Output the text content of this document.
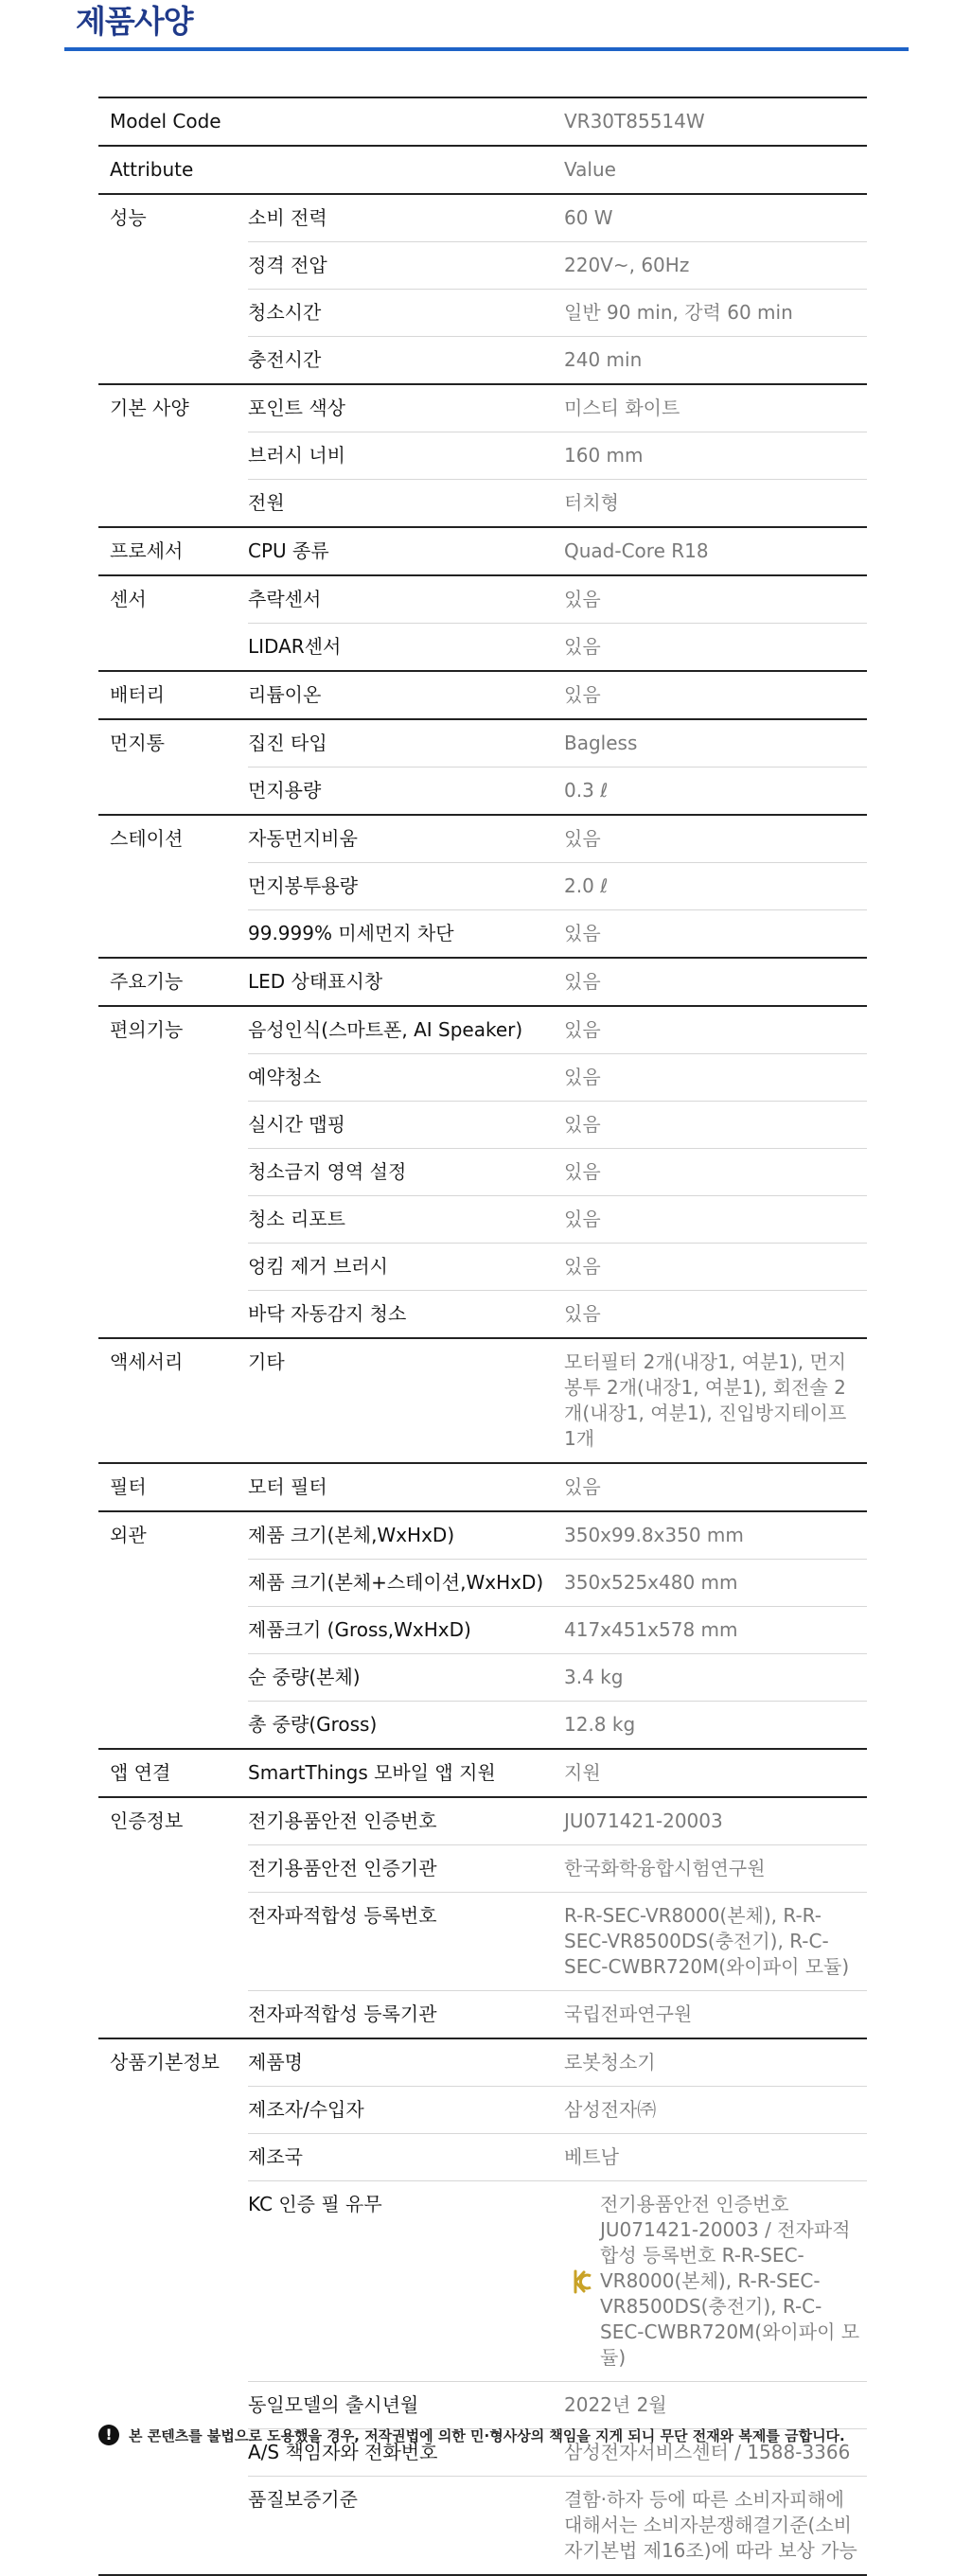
제품사양
Model Code		VR30T85514W

Attribute		Value

성능	소비 전력	60 W

	정격 전압	220V~, 60Hz

	청소시간	일반 90 min, 강력 60 min

	충전시간	240 min

기본 사양	포인트 색상	미스티 화이트

	브러시 너비	160 mm

	전원	터치형

프로세서	CPU 종류	Quad-Core R18

센서	추락센서	있음

	LIDAR센서	있음

배터리	리튬이온	있음

먼지통	집진 타입	Bagless

	먼지용량	0.3 ℓ

스테이션	자동먼지비움	있음

	먼지봉투용량	2.0 ℓ

	99.999% 미세먼지 차단	있음

주요기능	LED 상태표시창	있음

편의기능	음성인식(스마트폰, AI Speaker)	있음

	예약청소	있음

	실시간 맵핑	있음

	청소금지 영역 설정	있음

	청소 리포트	있음

	엉킴 제거 브러시	있음

	바닥 자동감지 청소	있음

액세서리	기타	모터필터 2개(내장1, 여분1), 먼지봉투 2개(내장1, 여분1), 회전솔 2개(내장1, 여분1), 진입방지테이프 1개

필터	모터 필터	있음

외관	제품 크기(본체,WxHxD)	350x99.8x350 mm

	제품 크기(본체+스테이션,WxHxD)	350x525x480 mm

	제품크기 (Gross,WxHxD)	417x451x578 mm

	순 중량(본체)	3.4 kg

	총 중량(Gross)	12.8 kg

앱 연결	SmartThings 모바일 앱 지원	지원

인증정보	전기용품안전 인증번호	JU071421-20003

	전기용품안전 인증기관	한국화학융합시험연구원

	전자파적합성 등록번호	R-R-SEC-VR8000(본체), R-R-SEC-VR8500DS(충전기), R-C-SEC-CWBR720M(와이파이 모듈)

	전자파적합성 등록기관	국립전파연구원

상품기본정보	제품명	로봇청소기

	제조자/수입자	삼성전자㈜

	제조국	베트남

	KC 인증 필 유무	전기용품안전 인증번호 JU071421-20003 / 전자파적합성 등록번호 R-R-SEC-VR8000(본체), R-R-SEC-VR8500DS(충전기), R-C-SEC-CWBR720M(와이파이 모듈)

	동일모델의 출시년월	2022년 2월

	A/S 책임자와 전화번호	삼성전자서비스센터 / 1588-3366

	품질보증기준	결함·하자 등에 따른 소비자피해에 대해서는 소비자분쟁해결기준(소비자기본법 제16조)에 따라 보상 가능
!	본 콘텐츠를 불법으로 도용했을 경우, 저작권법에 의한 민·형사상의 책임을 지게 되니 무단 전재와 복제를 금합니다.
